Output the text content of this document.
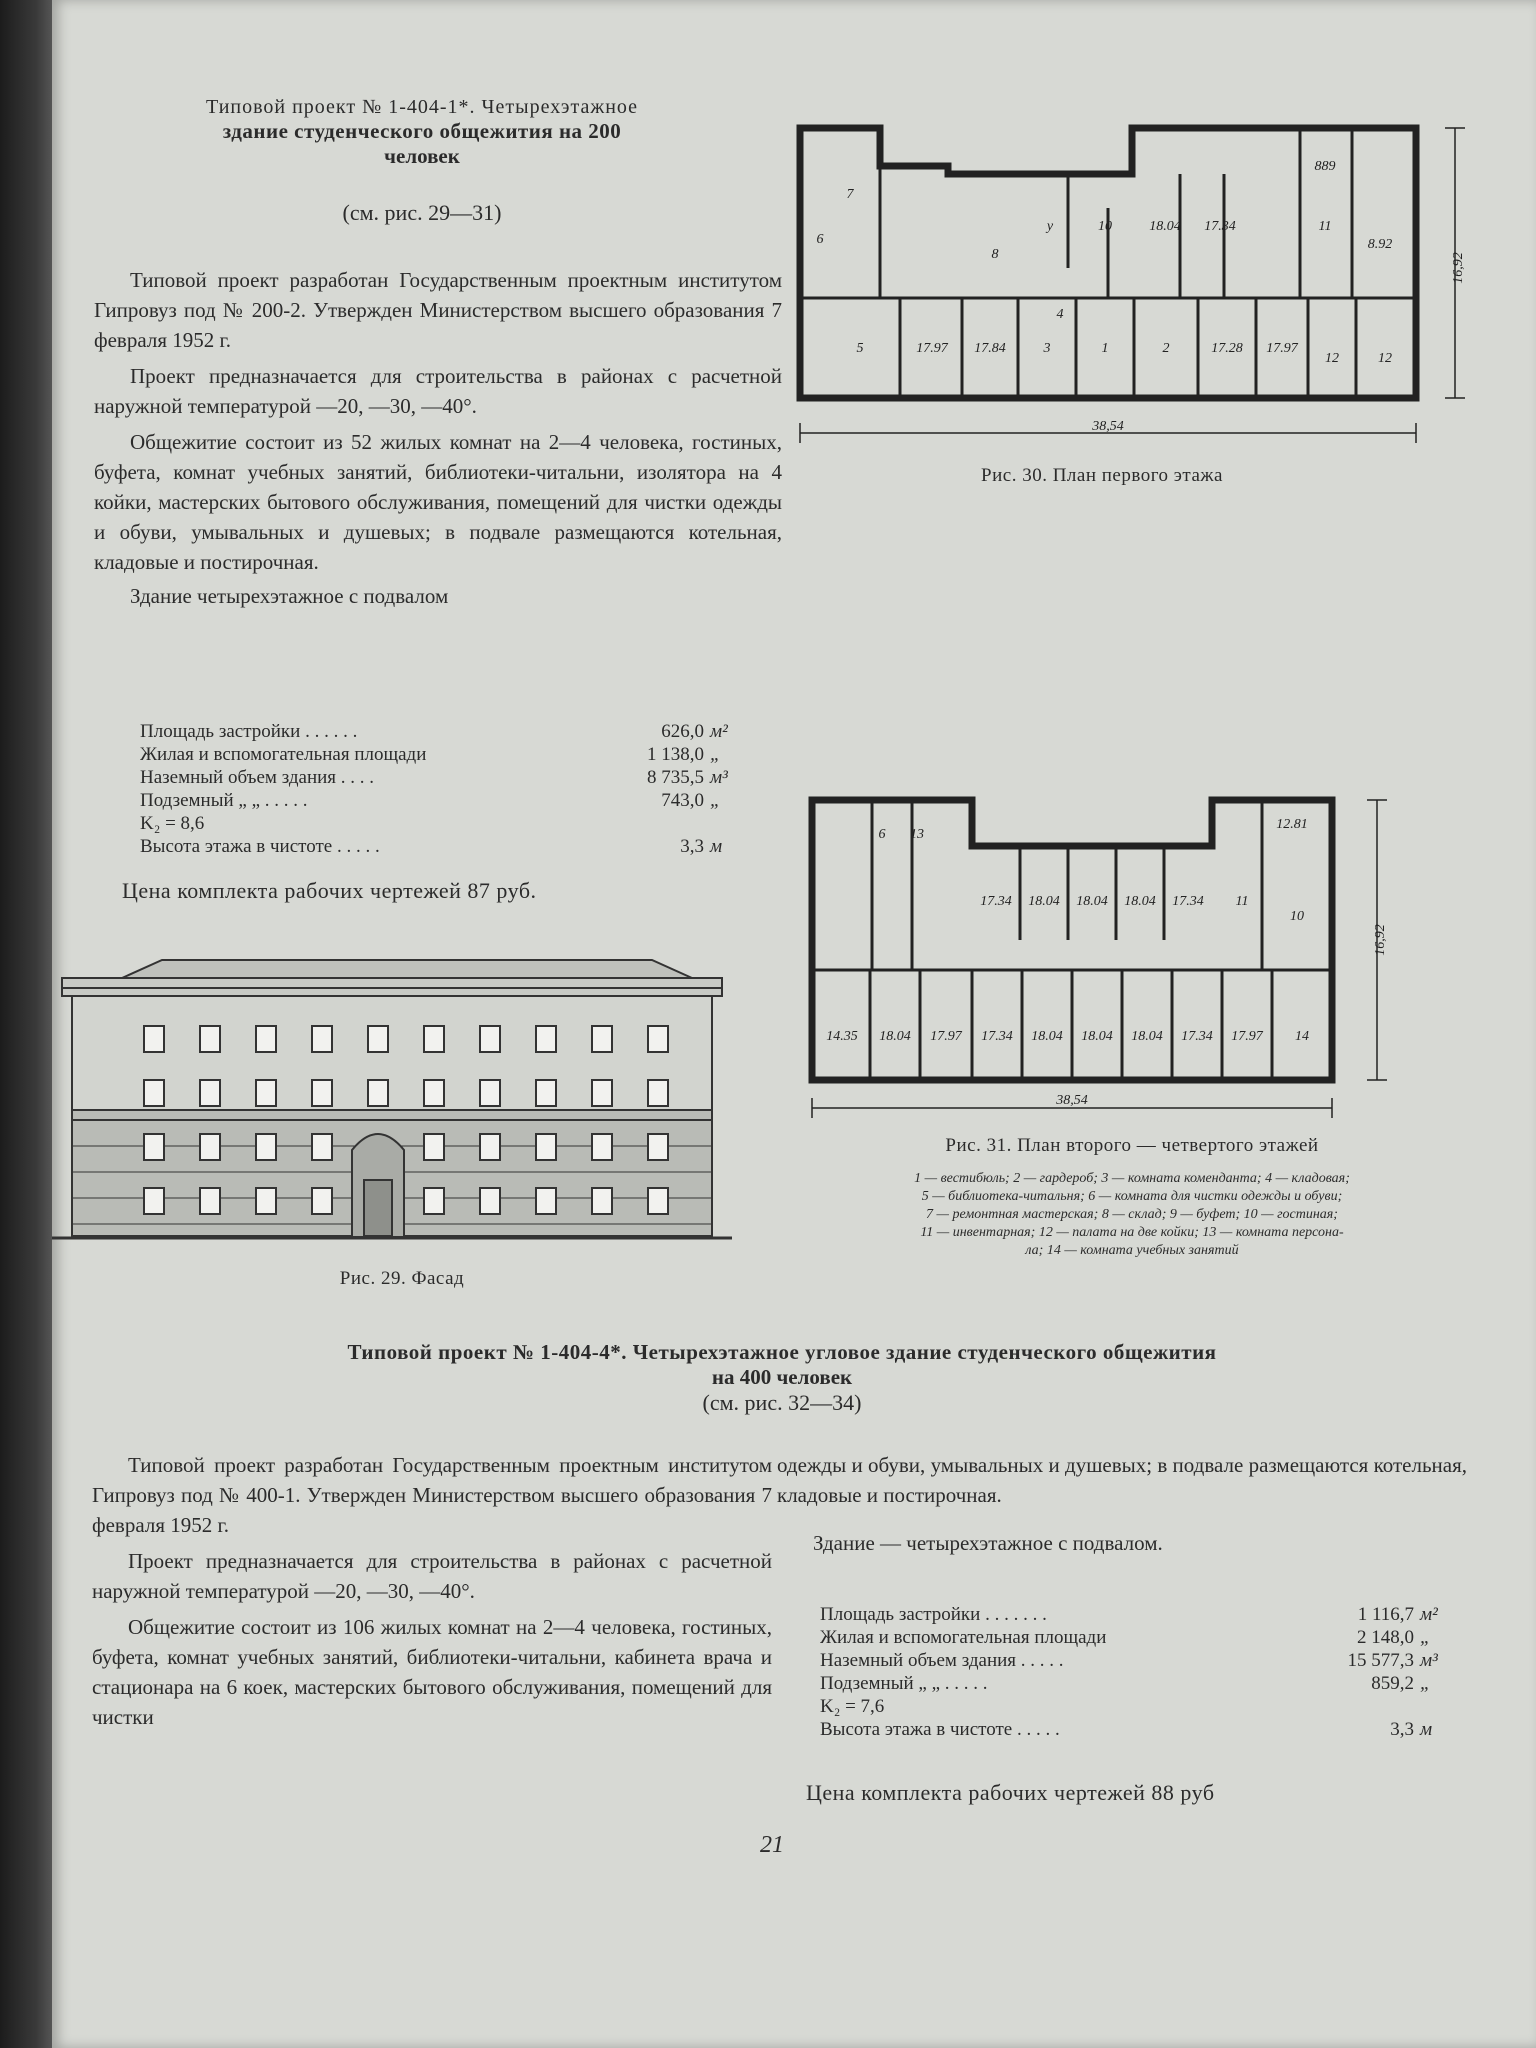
Типовой проект № 1-404-1*. Четырехэтажное
здание студенческого общежития на 200
человек
(см. рис. 29—31)

Типовой проект разработан Государственным проектным институтом Гипровуз под № 200-2. Утвержден Министерством высшего образования 7 февраля 1952 г.

Проект предназначается для строительства в районах с расчетной наружной температурой —20, —30, —40°.

Общежитие состоит из 52 жилых комнат на 2—4 человека, гостиных, буфета, комнат учебных занятий, библиотеки-читальни, изолятора на 4 койки, мастерских бытового обслуживания, помещений для чистки одежды и обуви, умывальных и душевых; в подвале размещаются котельная, кладовые и постирочная.

Здание четырехэтажное с подвалом

Площадь застройки . . . . . .	626,0 м²
Жилая и вспомогательная площади	1 138,0 „
Наземный объем здания . . . .	8 735,5 м³
Подземный „ „ . . . . .	743,0 „
K₂ = 8,6
Высота этажа в чистоте . . . . .	3,3 м
Цена комплекта рабочих чертежей 87 руб.
Рис. 29. Фасад
38,54
16,92
7
6
8
у	10	18.04 17.34	11
8.92
5	17.97 17.84	3
4
1	2	17.28 17.97
12	12
889
Рис. 30. План первого этажа
38,54
16,92
6 13
17.34 18.04 18.04 18.04 17.34
12.81
11
10
14.35 18.04 17.97 17.34 18.04 18.04 18.04 17.34 17.97 14
Рис. 31. План второго — четвертого этажей
1 — вестибюль; 2 — гардероб; 3 — комната коменданта; 4 — кладовая;
5 — библиотека-читальня; 6 — комната для чистки одежды и обуви;
7 — ремонтная мастерская; 8 — склад; 9 — буфет; 10 — гостиная;
11 — инвентарная; 12 — палата на две койки; 13 — комната персона-
ла; 14 — комната учебных занятий
Типовой проект № 1-404-4*. Четырехэтажное угловое здание студенческого общежития
на 400 человек
(см. рис. 32—34)

Типовой проект разработан Государственным проектным институтом Гипровуз под № 400-1. Утвержден Министерством высшего образования 7 февраля 1952 г.

Проект предназначается для строительства в районах с расчетной наружной температурой —20, —30, —40°.

Общежитие состоит из 106 жилых комнат на 2—4 человека, гостиных, буфета, комнат учебных занятий, библиотеки-читальни, кабинета врача и стационара на 6 коек, мастерских бытового обслуживания, помещений для чистки

одежды и обуви, умывальных и душевых; в подвале размещаются котельная, кладовые и постирочная.

Здание — четырехэтажное с подвалом.

Площадь застройки . . . . . . .	1 116,7 м²
Жилая и вспомогательная площади	2 148,0 „
Наземный объем здания . . . . .	15 577,3 м³
Подземный „ „ . . . . .	859,2 „
K₂ = 7,6
Высота этажа в чистоте . . . . .	3,3 м
Цена комплекта рабочих чертежей 88 руб
21
